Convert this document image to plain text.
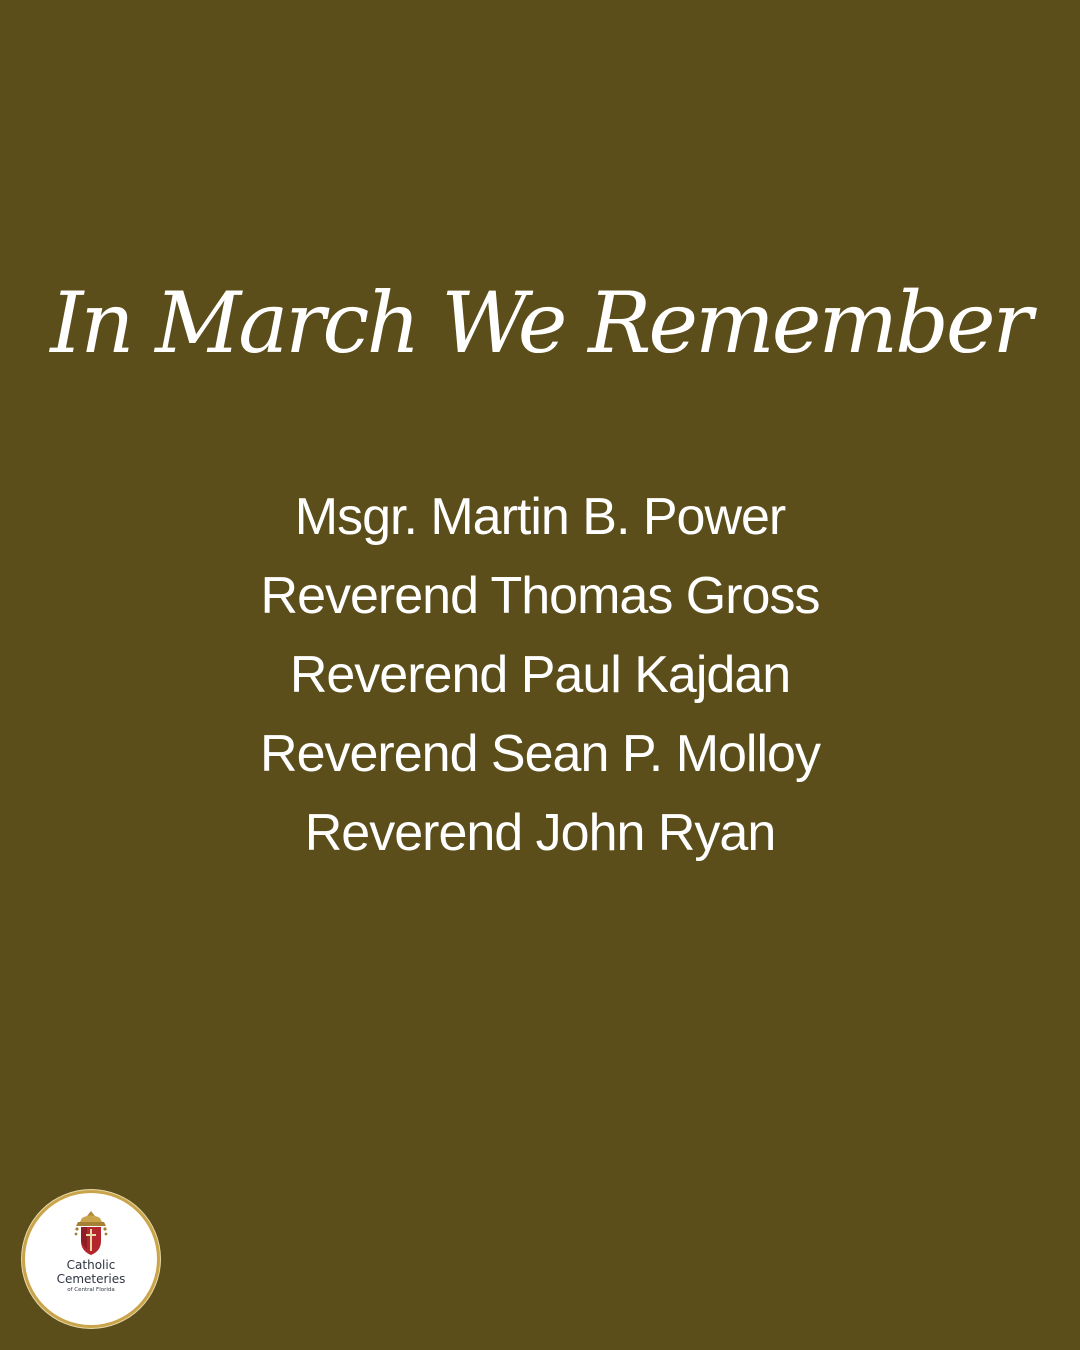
In March We Remember
Msgr. Martin B. Power
Reverend Thomas Gross
Reverend Paul Kajdan
Reverend Sean P. Molloy
Reverend John Ryan
Catholic
Cemeteries
of Central Florida
